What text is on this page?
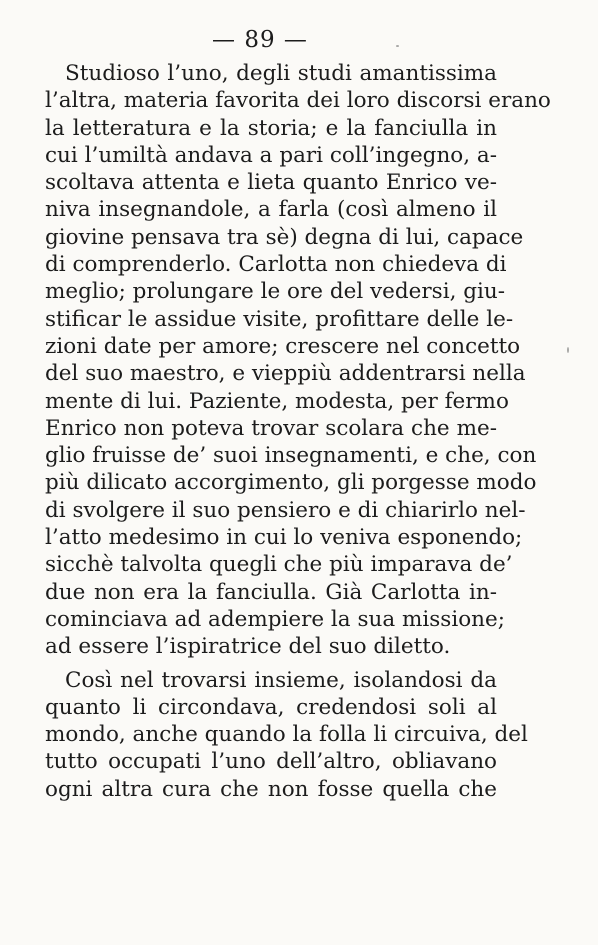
— 89 —
Studioso l’uno, degli studi amantissima
l’altra, materia favorita dei loro discorsi erano
la letteratura e la storia; e la fanciulla in
cui l’umiltà andava a pari coll’ingegno, a-
scoltava attenta e lieta quanto Enrico ve-
niva insegnandole, a farla (così almeno il
giovine pensava tra sè) degna di lui, capace
di comprenderlo. Carlotta non chiedeva di
meglio; prolungare le ore del vedersi, giu-
stificar le assidue visite, profittare delle le-
zioni date per amore; crescere nel concetto
del suo maestro, e vieppiù addentrarsi nella
mente di lui. Paziente, modesta, per fermo
Enrico non poteva trovar scolara che me-
glio fruisse de’ suoi insegnamenti, e che, con
più dilicato accorgimento, gli porgesse modo
di svolgere il suo pensiero e di chiarirlo nel-
l’atto medesimo in cui lo veniva esponendo;
sicchè talvolta quegli che più imparava de’
due non era la fanciulla. Già Carlotta in-
cominciava ad adempiere la sua missione;
ad essere l’ispiratrice del suo diletto.
Così nel trovarsi insieme, isolandosi da
quanto li circondava, credendosi soli al
mondo, anche quando la folla li circuiva, del
tutto occupati l’uno dell’altro, obliavano
ogni altra cura che non fosse quella che
